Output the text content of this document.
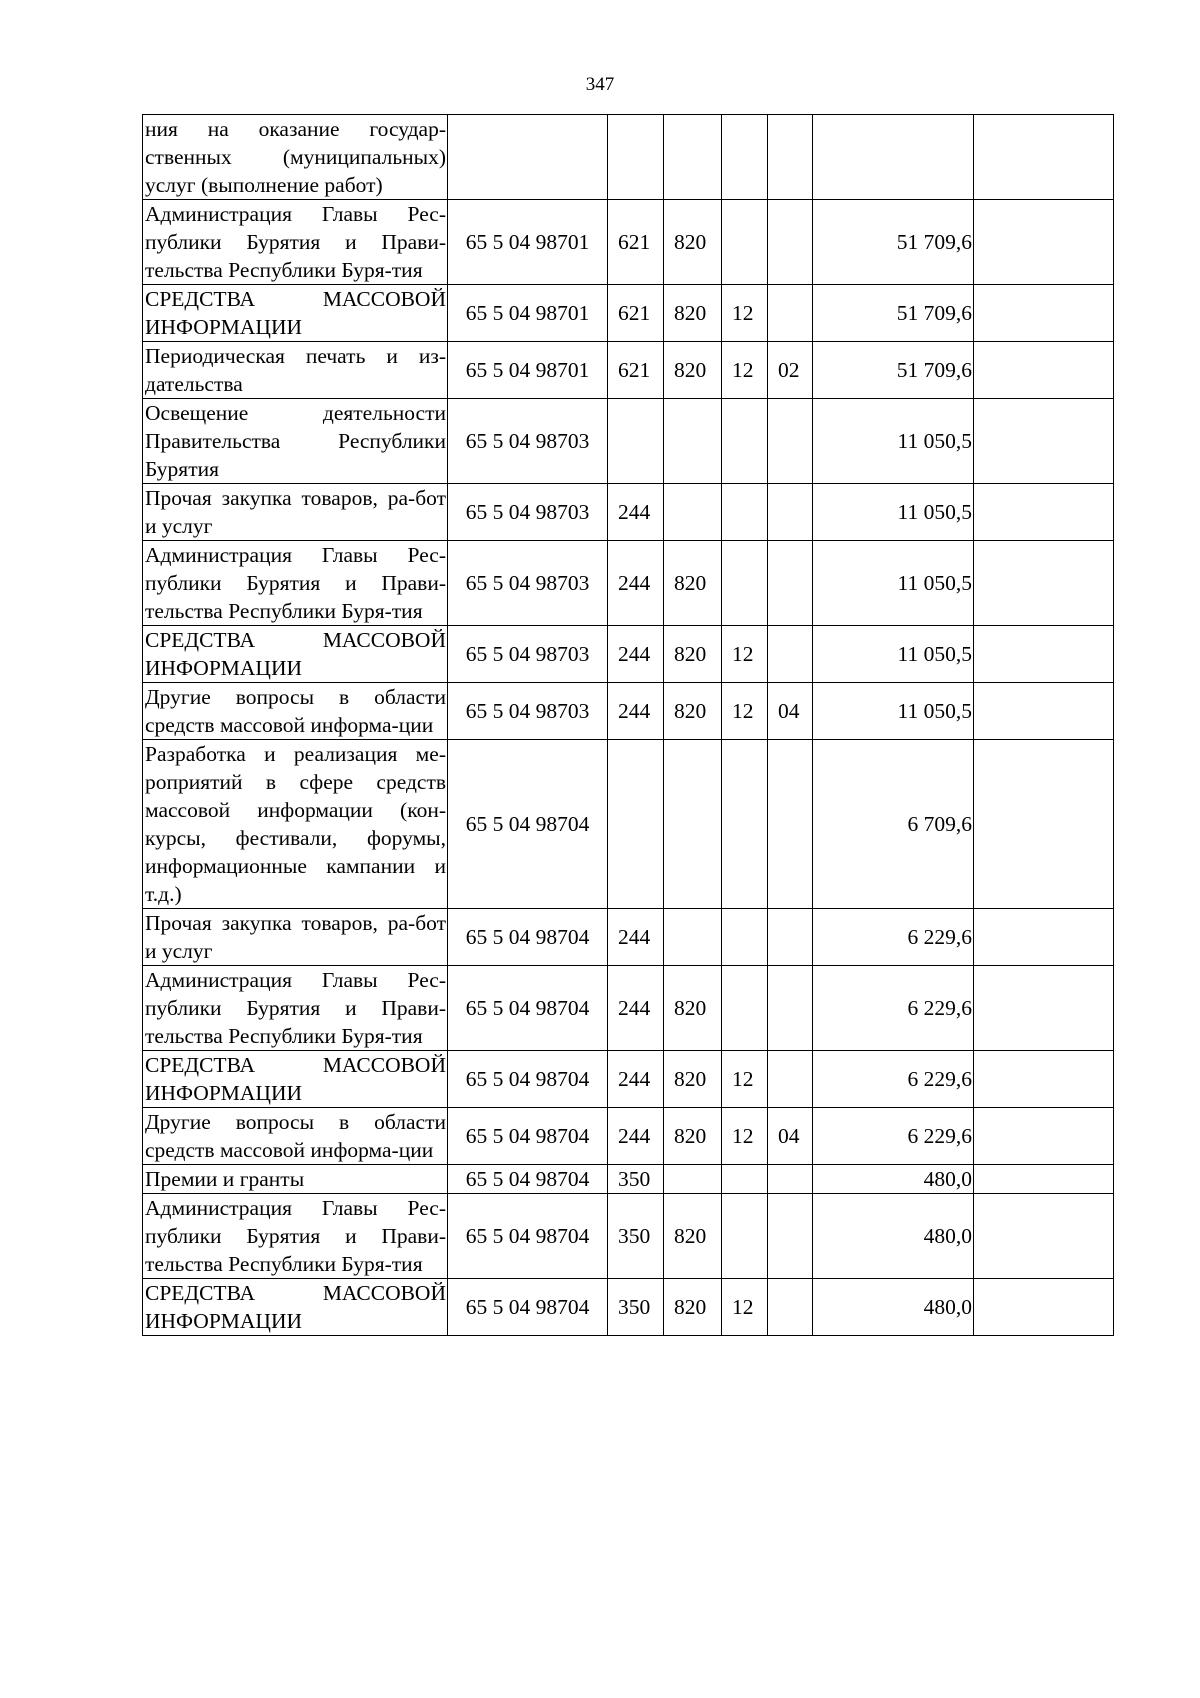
347
ния на оказание государ-ственных (муниципальных) услуг (выполнение работ)							
Администрация Главы Рес-публики Бурятия и Прави-тельства Республики Буря-тия	65 5 04 98701	621	820			51 709,6	
СРЕДСТВА МАССОВОЙ ИНФОРМАЦИИ	65 5 04 98701	621	820	12		51 709,6	
Периодическая печать и из-дательства	65 5 04 98701	621	820	12	02	51 709,6	
Освещение деятельности Правительства Республики Бурятия	65 5 04 98703					11 050,5	
Прочая закупка товаров, ра-бот и услуг	65 5 04 98703	244				11 050,5	
Администрация Главы Рес-публики Бурятия и Прави-тельства Республики Буря-тия	65 5 04 98703	244	820			11 050,5	
СРЕДСТВА МАССОВОЙ ИНФОРМАЦИИ	65 5 04 98703	244	820	12		11 050,5	
Другие вопросы в области средств массовой информа-ции	65 5 04 98703	244	820	12	04	11 050,5	
Разработка и реализация ме-роприятий в сфере средств массовой информации (кон-курсы, фестивали, форумы, информационные кампании и т.д.)	65 5 04 98704					6 709,6	
Прочая закупка товаров, ра-бот и услуг	65 5 04 98704	244				6 229,6	
Администрация Главы Рес-публики Бурятия и Прави-тельства Республики Буря-тия	65 5 04 98704	244	820			6 229,6	
СРЕДСТВА МАССОВОЙ ИНФОРМАЦИИ	65 5 04 98704	244	820	12		6 229,6	
Другие вопросы в области средств массовой информа-ции	65 5 04 98704	244	820	12	04	6 229,6	
Премии и гранты	65 5 04 98704	350				480,0	
Администрация Главы Рес-публики Бурятия и Прави-тельства Республики Буря-тия	65 5 04 98704	350	820			480,0	
СРЕДСТВА МАССОВОЙ ИНФОРМАЦИИ	65 5 04 98704	350	820	12		480,0	
